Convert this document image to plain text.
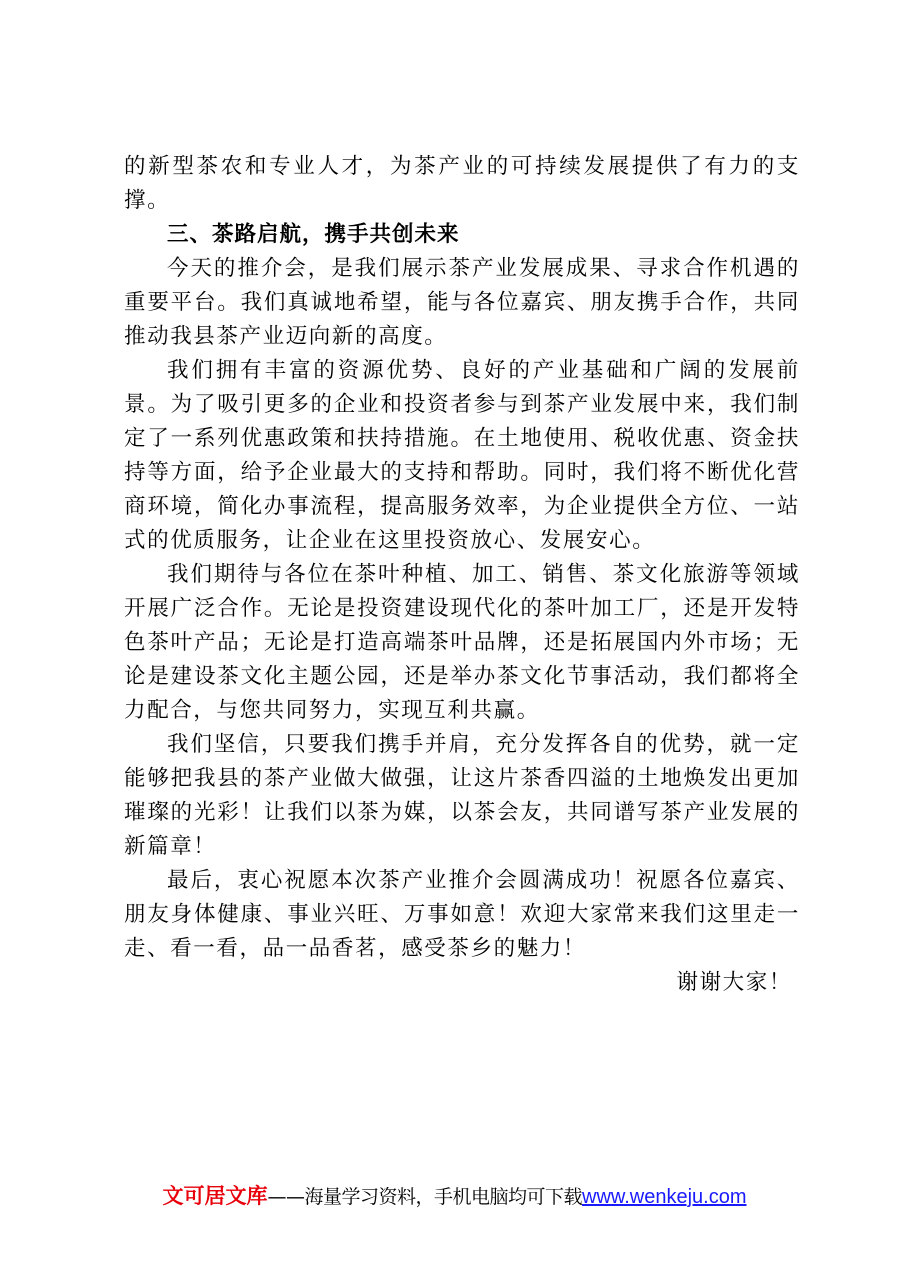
的新型茶农和专业人才，为茶产业的可持续发展提供了有力的支撑。

三、茶路启航，携手共创未来

今天的推介会，是我们展示茶产业发展成果、寻求合作机遇的重要平台。我们真诚地希望，能与各位嘉宾、朋友携手合作，共同推动我县茶产业迈向新的高度。

我们拥有丰富的资源优势、良好的产业基础和广阔的发展前景。为了吸引更多的企业和投资者参与到茶产业发展中来，我们制定了一系列优惠政策和扶持措施。在土地使用、税收优惠、资金扶持等方面，给予企业最大的支持和帮助。同时，我们将不断优化营商环境，简化办事流程，提高服务效率，为企业提供全方位、一站式的优质服务，让企业在这里投资放心、发展安心。

我们期待与各位在茶叶种植、加工、销售、茶文化旅游等领域开展广泛合作。无论是投资建设现代化的茶叶加工厂，还是开发特色茶叶产品；无论是打造高端茶叶品牌，还是拓展国内外市场；无论是建设茶文化主题公园，还是举办茶文化节事活动，我们都将全力配合，与您共同努力，实现互利共赢。

我们坚信，只要我们携手并肩，充分发挥各自的优势，就一定能够把我县的茶产业做大做强，让这片茶香四溢的土地焕发出更加璀璨的光彩！让我们以茶为媒，以茶会友，共同谱写茶产业发展的新篇章！

最后，衷心祝愿本次茶产业推介会圆满成功！祝愿各位嘉宾、朋友身体健康、事业兴旺、万事如意！欢迎大家常来我们这里走一走、看一看，品一品香茗，感受茶乡的魅力！

谢谢大家！

文可居文库——海量学习资料，手机电脑均可下载www.wenkeju.com
